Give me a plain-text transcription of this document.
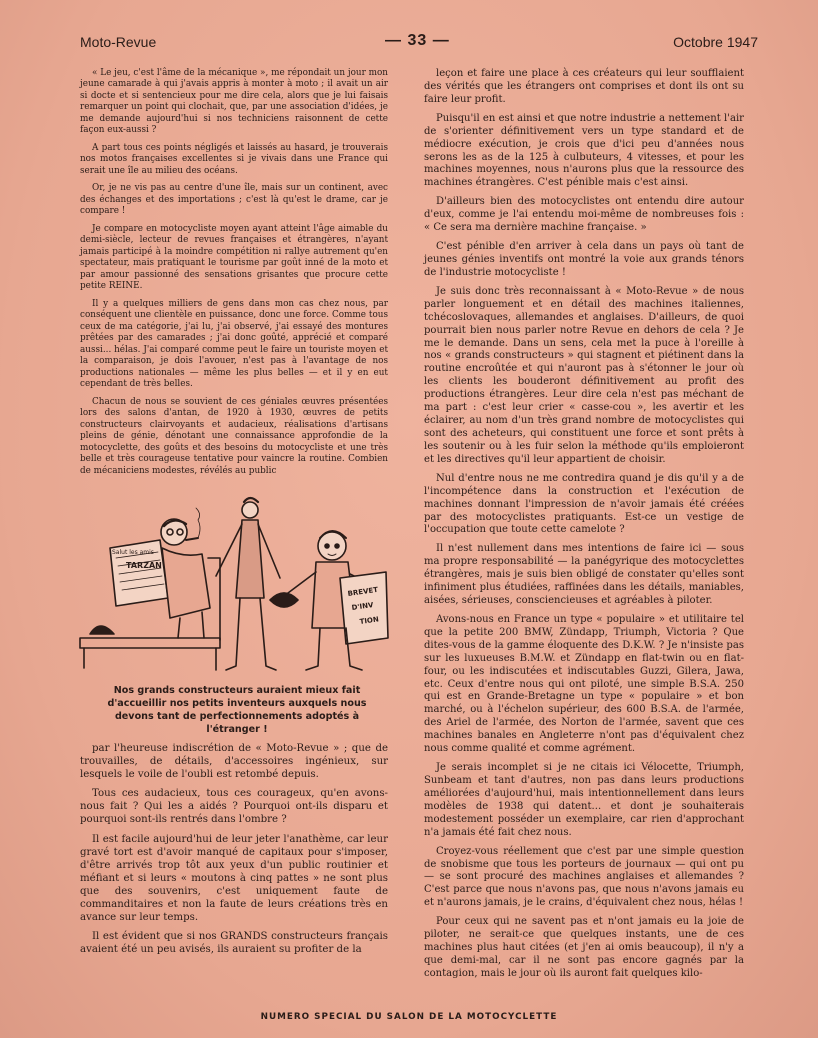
Moto-Revue	— 33 —	Octobre 1947

« Le jeu, c'est l'âme de la mécanique », me répondait un jour mon jeune camarade à qui j'avais appris à monter à moto ; il avait un air si docte et si sentencieux pour me dire cela, alors que je lui faisais remarquer un point qui clochait, que, par une association d'idées, je me demande aujourd'hui si nos techniciens raisonnent de cette façon eux-aussi ?

A part tous ces points négligés et laissés au hasard, je trouverais nos motos françaises excellentes si je vivais dans une France qui serait une île au milieu des océans.

Or, je ne vis pas au centre d'une île, mais sur un continent, avec des échanges et des importations ; c'est là qu'est le drame, car je compare !

Je compare en motocycliste moyen ayant atteint l'âge aimable du demi-siècle, lecteur de revues françaises et étrangères, n'ayant jamais participé à la moindre compétition ni rallye autrement qu'en spectateur, mais pratiquant le tourisme par goût inné de la moto et par amour passionné des sensations grisantes que procure cette petite REINE.

Il y a quelques milliers de gens dans mon cas chez nous, par conséquent une clientèle en puissance, donc une force. Comme tous ceux de ma catégorie, j'ai lu, j'ai observé, j'ai essayé des montures prêtées par des camarades ; j'ai donc goûté, apprécié et comparé aussi... hélas. J'ai comparé comme peut le faire un touriste moyen et la comparaison, je dois l'avouer, n'est pas à l'avantage de nos productions nationales — même les plus belles — et il y en eut cependant de très belles.

Chacun de nous se souvient de ces géniales œuvres présentées lors des salons d'antan, de 1920 à 1930, œuvres de petits constructeurs clairvoyants et audacieux, réalisations d'artisans pleins de génie, dénotant une connaissance approfondie de la motocyclette, des goûts et des besoins du motocycliste et une très belle et très courageuse tentative pour vaincre la routine. Combien de mécaniciens modestes, révélés au public

Salut les amis
TARZAN
BREVET
D'INV
TION
Nos grands constructeurs auraient mieux fait d'accueillir nos petits inventeurs auxquels nous devons tant de perfectionnements adoptés à l'étranger !

par l'heureuse indiscrétion de « Moto-Revue » ; que de trouvailles, de détails, d'accessoires ingénieux, sur lesquels le voile de l'oubli est retombé depuis.

Tous ces audacieux, tous ces courageux, qu'en avons-nous fait ? Qui les a aidés ? Pourquoi ont-ils disparu et pourquoi sont-ils rentrés dans l'ombre ?

Il est facile aujourd'hui de leur jeter l'anathème, car leur gravé tort est d'avoir manqué de capitaux pour s'imposer, d'être arrivés trop tôt aux yeux d'un public routinier et méfiant et si leurs « moutons à cinq pattes » ne sont plus que des souvenirs, c'est uniquement faute de commanditaires et non la faute de leurs créations très en avance sur leur temps.

Il est évident que si nos GRANDS constructeurs français avaient été un peu avisés, ils auraient su profiter de la

leçon et faire une place à ces créateurs qui leur soufflaient des vérités que les étrangers ont comprises et dont ils ont su faire leur profit.

Puisqu'il en est ainsi et que notre industrie a nettement l'air de s'orienter définitivement vers un type standard et de médiocre exécution, je crois que d'ici peu d'années nous serons les as de la 125 à culbuteurs, 4 vitesses, et pour les machines moyennes, nous n'aurons plus que la ressource des machines étrangères. C'est pénible mais c'est ainsi.

D'ailleurs bien des motocyclistes ont entendu dire autour d'eux, comme je l'ai entendu moi-même de nombreuses fois : « Ce sera ma dernière machine française. »

C'est pénible d'en arriver à cela dans un pays où tant de jeunes génies inventifs ont montré la voie aux grands ténors de l'industrie motocycliste !

Je suis donc très reconnaissant à « Moto-Revue » de nous parler longuement et en détail des machines italiennes, tchécoslovaques, allemandes et anglaises. D'ailleurs, de quoi pourrait bien nous parler notre Revue en dehors de cela ? Je me le demande. Dans un sens, cela met la puce à l'oreille à nos « grands constructeurs » qui stagnent et piétinent dans la routine encroûtée et qui n'auront pas à s'étonner le jour où les clients les bouderont définitivement au profit des productions étrangères. Leur dire cela n'est pas méchant de ma part : c'est leur crier « casse-cou », les avertir et les éclairer, au nom d'un très grand nombre de motocyclistes qui sont des acheteurs, qui constituent une force et sont prêts à les soutenir ou à les fuir selon la méthode qu'ils emploieront et les directives qu'il leur appartient de choisir.

Nul d'entre nous ne me contredira quand je dis qu'il y a de l'incompétence dans la construction et l'exécution de machines donnant l'impression de n'avoir jamais été créées par des motocyclistes pratiquants. Est-ce un vestige de l'occupation que toute cette camelote ?

Il n'est nullement dans mes intentions de faire ici — sous ma propre responsabilité — la panégyrique des motocyclettes étrangères, mais je suis bien obligé de constater qu'elles sont infiniment plus étudiées, raffinées dans les détails, maniables, aisées, sérieuses, consciencieuses et agréables à piloter.

Avons-nous en France un type « populaire » et utilitaire tel que la petite 200 BMW, Zündapp, Triumph, Victoria ? Que dites-vous de la gamme éloquente des D.K.W. ? Je n'insiste pas sur les luxueuses B.M.W. et Zündapp en flat-twin ou en flat-four, ou les indiscutées et indiscutables Guzzi, Gilera, Jawa, etc. Ceux d'entre nous qui ont piloté, une simple B.S.A. 250 qui est en Grande-Bretagne un type « populaire » et bon marché, ou à l'échelon supérieur, des 600 B.S.A. de l'armée, des Ariel de l'armée, des Norton de l'armée, savent que ces machines banales en Angleterre n'ont pas d'équivalent chez nous comme qualité et comme agrément.

Je serais incomplet si je ne citais ici Vélocette, Triumph, Sunbeam et tant d'autres, non pas dans leurs productions améliorées d'aujourd'hui, mais intentionnellement dans leurs modèles de 1938 qui datent... et dont je souhaiterais modestement posséder un exemplaire, car rien d'approchant n'a jamais été fait chez nous.

Croyez-vous réellement que c'est par une simple question de snobisme que tous les porteurs de journaux — qui ont pu — se sont procuré des machines anglaises et allemandes ? C'est parce que nous n'avons pas, que nous n'avons jamais eu et n'aurons jamais, je le crains, d'équivalent chez nous, hélas !

Pour ceux qui ne savent pas et n'ont jamais eu la joie de piloter, ne serait-ce que quelques instants, une de ces machines plus haut citées (et j'en ai omis beaucoup), il n'y a que demi-mal, car il ne sont pas encore gagnés par la contagion, mais le jour où ils auront fait quelques kilo-

NUMERO SPECIAL DU SALON DE LA MOTOCYCLETTE
